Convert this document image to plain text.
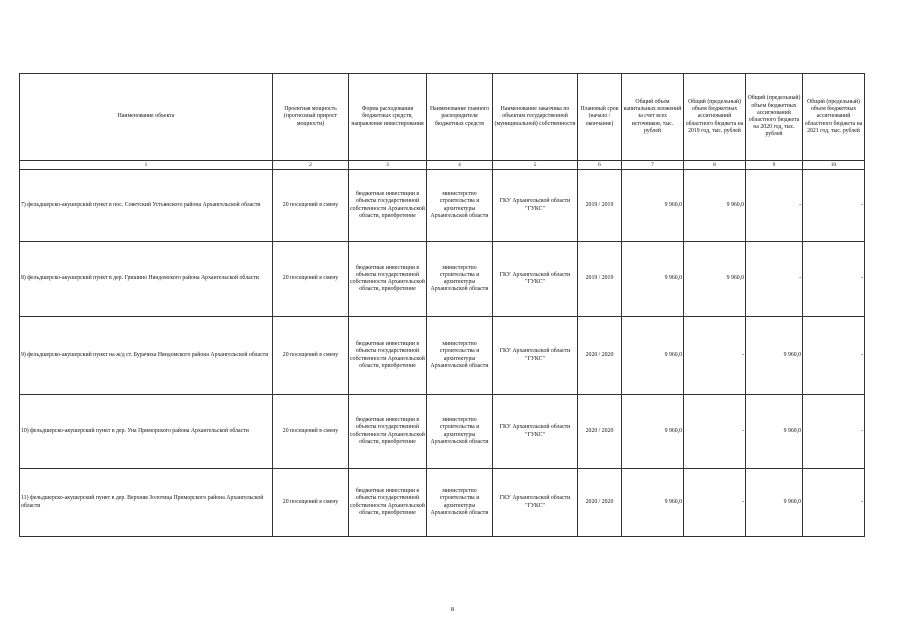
Наименование объекта	Проектная мощность (прогнозный прирост мощности)	Форма расходования бюджетных средств, направление инвестирования	Наименование главного распорядителя бюджетных средств	Наименование заказчика по объектам государственной (муниципальной) собственности	Плановый срок (начало / окончание)	Общий объем капитальных вложений за счет всех источников, тыс. рублей	Общий (предельный) объем бюджетных ассигнований областного бюджета на 2019 год, тыс. рублей	Общий (предельный) объем бюджетных ассигнований областного бюджета на 2020 год, тыс. рублей	Общий (предельный) объем бюджетных ассигнований областного бюджета на 2021 год, тыс. рублей
1	2	3	4	5	6	7	8	9	10
7) фельдшерско-акушерский пункт в пос. Советский Устьянского района Архангельской области	20 посещений в смену	бюджетные инвестиции в объекты государственной собственности Архангельской области, приобретение	министерство строительства и архитектуры Архангельской области	ГКУ Архангельской области "ГУКС"	2019 / 2019	9 960,0	9 960,0	-	-
8) фельдшерско-акушерский пункт в дер. Гришино Няндомского района Архангельской области	20 посещений в смену	бюджетные инвестиции в объекты государственной собственности Архангельской области, приобретение	министерство строительства и архитектуры Архангельской области	ГКУ Архангельской области "ГУКС"	2019 / 2019	9 960,0	9 960,0	-	-
9) фельдшерско-акушерский пункт на ж/д ст. Бурачиха Няндомского района Архангельской области	20 посещений в смену	бюджетные инвестиции в объекты государственной собственности Архангельской области, приобретение	министерство строительства и архитектуры Архангельской области	ГКУ Архангельской области "ГУКС"	2020 / 2020	9 960,0	-	9 960,0	-
10) фельдшерско-акушерский пункт в дер. Уна Приморского района Архангельской области	20 посещений в смену	бюджетные инвестиции в объекты государственной собственности Архангельской области, приобретение	министерство строительства и архитектуры Архангельской области	ГКУ Архангельской области "ГУКС"	2020 / 2020	9 960,0	-	9 960,0	-
11) фельдшерско-акушерский пункт в дер. Верхняя Золотица Приморского района Архангельской области	20 посещений в смену	бюджетные инвестиции в объекты государственной собственности Архангельской области, приобретение	министерство строительства и архитектуры Архангельской области	ГКУ Архангельской области "ГУКС"	2020 / 2020	9 960,0	-	9 960,0	-
8
